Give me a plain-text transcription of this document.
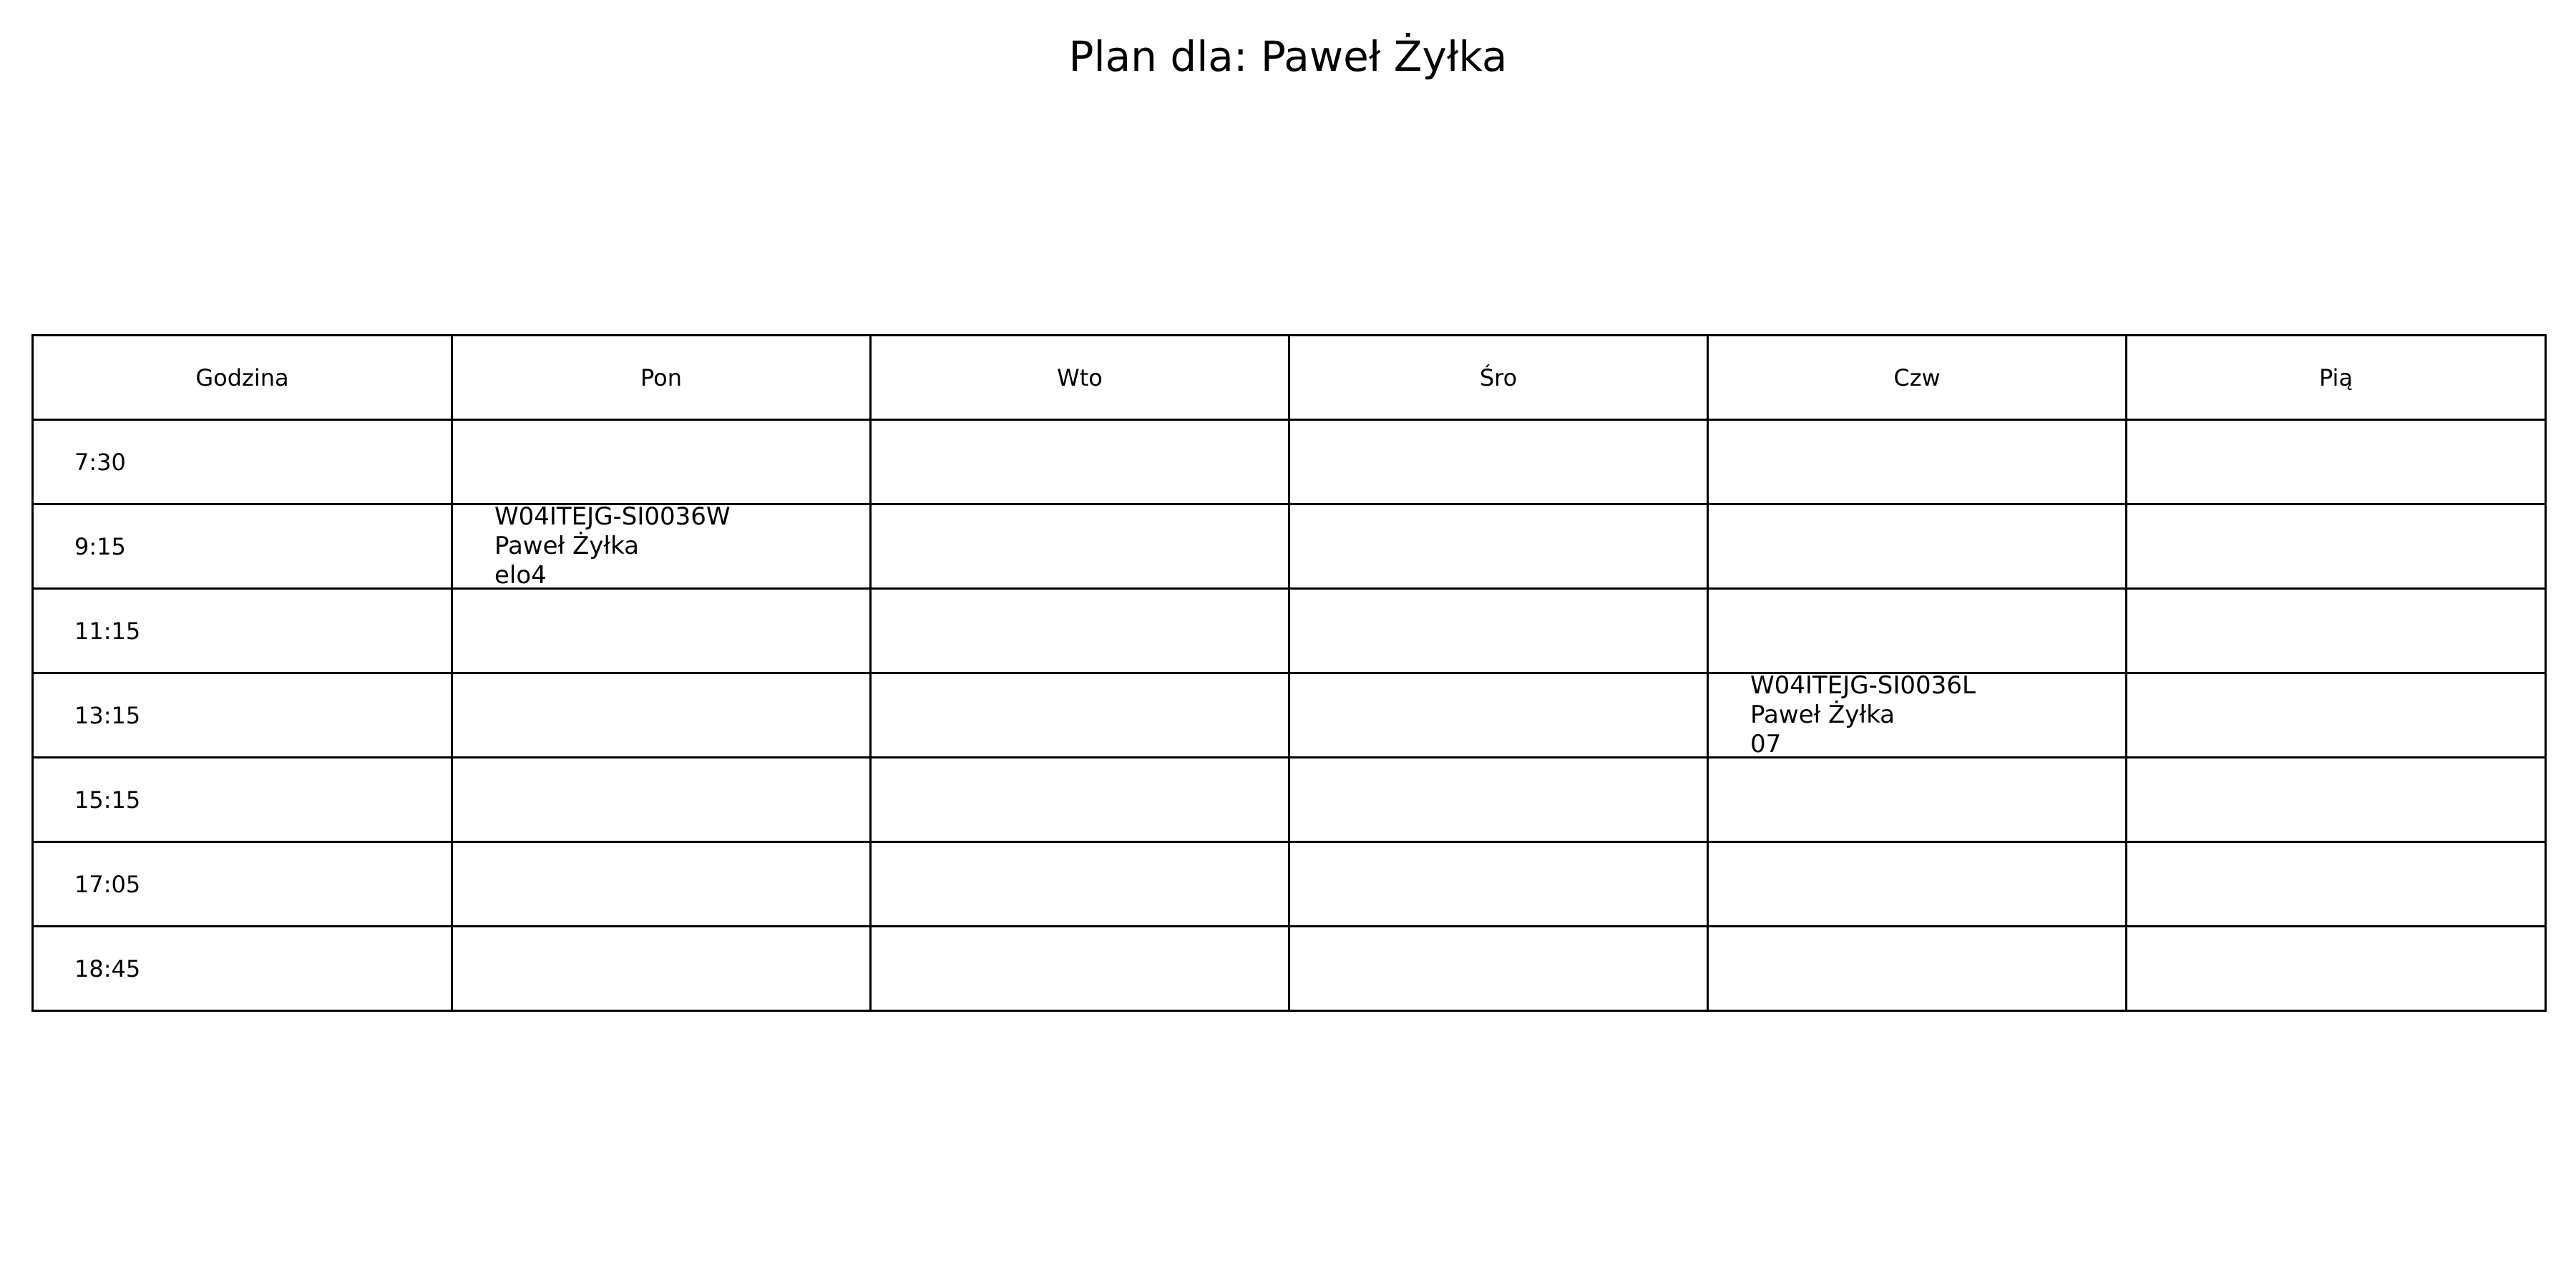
Plan dla: Paweł Żyłka
Godzina	Pon	Wto	Śro	Czw	Pią

7:30					

9:15	W04ITEJG-SI0036W
Paweł Żyłka
elo4				

11:15					

13:15				W04ITEJG-SI0036L
Paweł Żyłka
07	

15:15					

17:05					

18:45					
